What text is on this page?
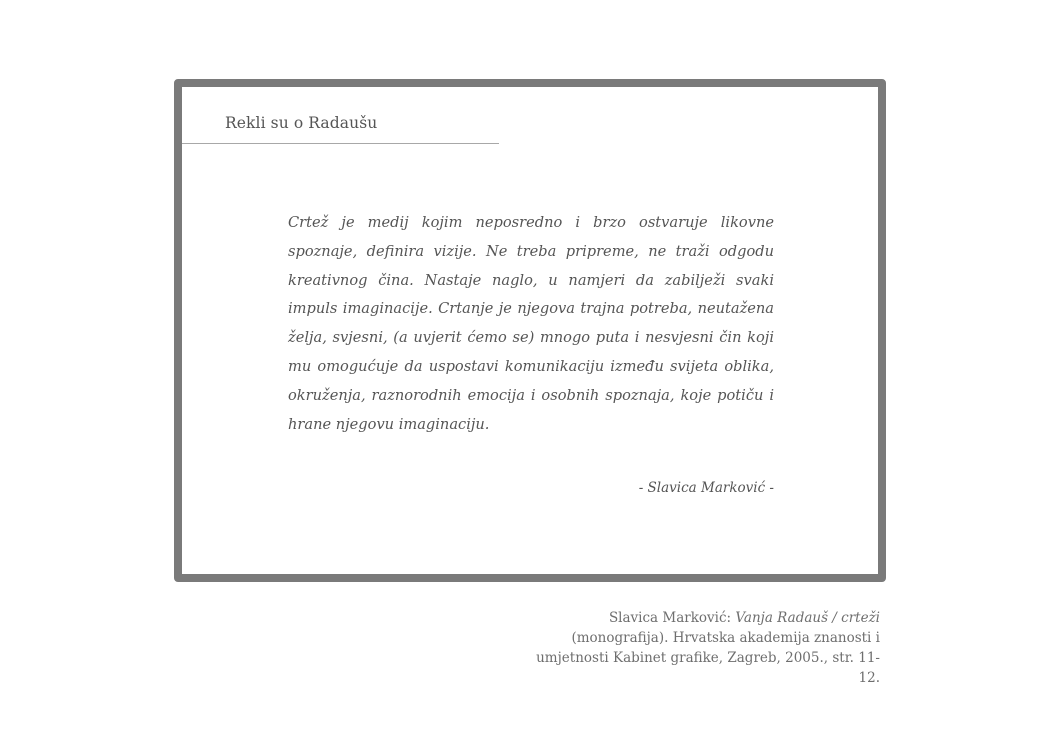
Rekli su o Radaušu

Crtež je medij kojim neposredno i brzo ostvaruje likovne spoznaje, definira vizije. Ne treba pripreme, ne traži odgodu kreativnog čina. Nastaje naglo, u namjeri da zabilježi svaki impuls imaginacije. Crtanje je njegova trajna potreba, neutažena želja, svjesni, (a uvjerit ćemo se) mnogo puta i nesvjesni čin koji mu omogućuje da uspostavi komunikaciju između svijeta oblika, okruženja, raznorodnih emocija i osobnih spoznaja, koje potiču i hrane njegovu imaginaciju.

- Slavica Marković -
Slavica Marković: Vanja Radauš / crteži (monografija). Hrvatska akademija znanosti i umjetnosti Kabinet grafike, Zagreb, 2005., str. 11-12.
